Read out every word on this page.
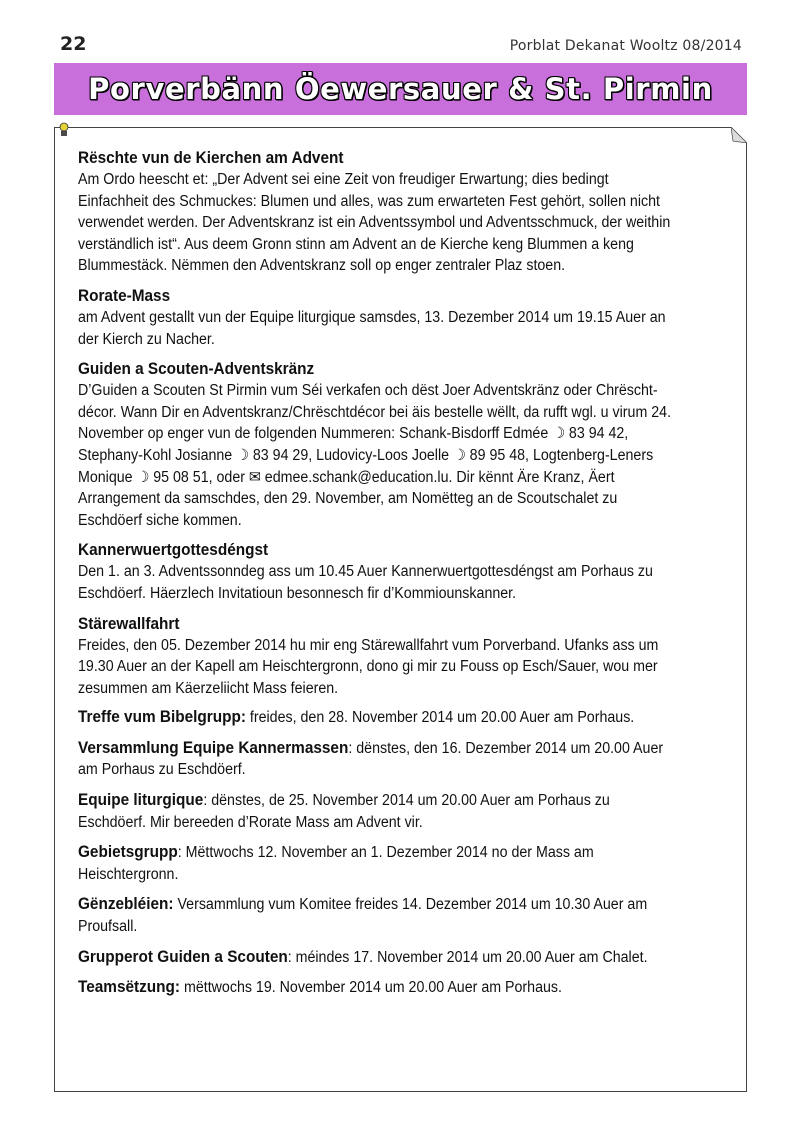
22	Porblat Dekanat Wooltz 08/2014
Porverbänn Öewersauer & St. Pirmin

Rëschte vun de Kierchen am Advent

Am Ordo heescht et: „Der Advent sei eine Zeit von freudiger Erwartung; dies bedingt

Einfachheit des Schmuckes: Blumen und alles, was zum erwarteten Fest gehört, sollen nicht

verwendet werden. Der Adventskranz ist ein Adventssymbol und Adventsschmuck, der weithin

verständlich ist“. Aus deem Gronn stinn am Advent an de Kierche keng Blummen a keng

Blummestäck. Nëmmen den Adventskranz soll op enger zentraler Plaz stoen.

Rorate-Mass

am Advent gestallt vun der Equipe liturgique samsdes, 13. Dezember 2014 um 19.15 Auer an

der Kierch zu Nacher.

Guiden a Scouten-Adventskränz

D’Guiden a Scouten St Pirmin vum Séi verkafen och dëst Joer Adventskränz oder Chrëscht-

décor. Wann Dir en Adventskranz/Chrëschtdécor bei äis bestelle wëllt, da rufft wgl. u virum 24.

November op enger vun de folgenden Nummeren: Schank-Bisdorff Edmée ☽ 83 94 42,

Stephany-Kohl Josianne ☽ 83 94 29, Ludovicy-Loos Joelle ☽ 89 95 48, Logtenberg-Leners

Monique ☽ 95 08 51, oder ✉ edmee.schank@education.lu. Dir kënnt Äre Kranz, Äert

Arrangement da samschdes, den 29. November, am Nomëtteg an de Scoutschalet zu

Eschdöerf siche kommen.

Kannerwuertgottesdéngst

Den 1. an 3. Adventssonndeg ass um 10.45 Auer Kannerwuertgottesdéngst am Porhaus zu

Eschdöerf. Häerzlech Invitatioun besonnesch fir d’Kommiounskanner.

Stärewallfahrt

Freides, den 05. Dezember 2014 hu mir eng Stärewallfahrt vum Porverband. Ufanks ass um

19.30 Auer an der Kapell am Heischtergronn, dono gi mir zu Fouss op Esch/Sauer, wou mer

zesummen am Käerzeliicht Mass feieren.

Treffe vum Bibelgrupp: freides, den 28. November 2014 um 20.00 Auer am Porhaus.

Versammlung Equipe Kannermassen: dënstes, den 16. Dezember 2014 um 20.00 Auer

am Porhaus zu Eschdöerf.

Equipe liturgique: dënstes, de 25. November 2014 um 20.00 Auer am Porhaus zu

Eschdöerf. Mir bereeden d’Rorate Mass am Advent vir.

Gebietsgrupp: Mëttwochs 12. November an 1. Dezember 2014 no der Mass am

Heischtergronn.

Gënzebléien: Versammlung vum Komitee freides 14. Dezember 2014 um 10.30 Auer am

Proufsall.

Grupperot Guiden a Scouten: méindes 17. November 2014 um 20.00 Auer am Chalet.

Teamsëtzung: mëttwochs 19. November 2014 um 20.00 Auer am Porhaus.
